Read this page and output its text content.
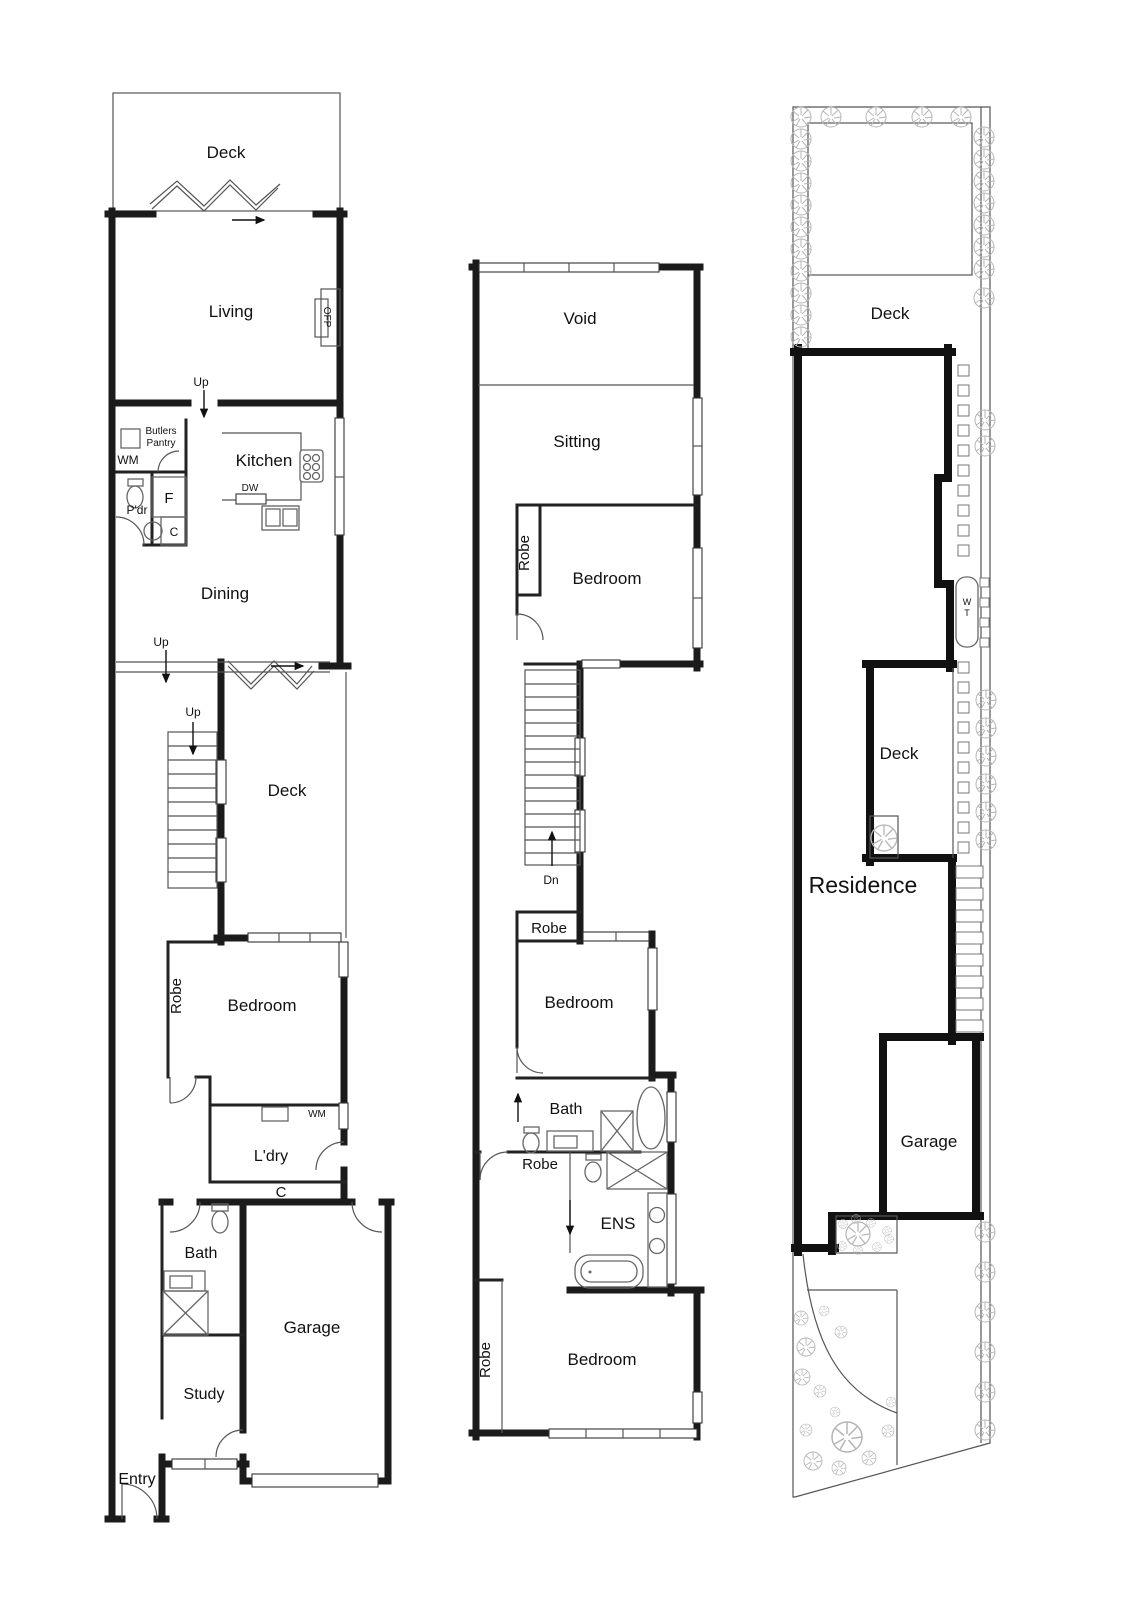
Deck
Living	OFP
Up
WM
Butlers
Pantry
Kitchen
P'dr
F
C
DW
Dining
Up
Up
Deck
Robe	Bedroom
WM
L'dry
C
Bath
Study
Garage
Entry
Void
Sitting
Robe
Bedroom
Dn
Robe
Bedroom
Bath
Robe
ENS
Robe	Bedroom
Deck
W
T
Deck
Residence
Garage
